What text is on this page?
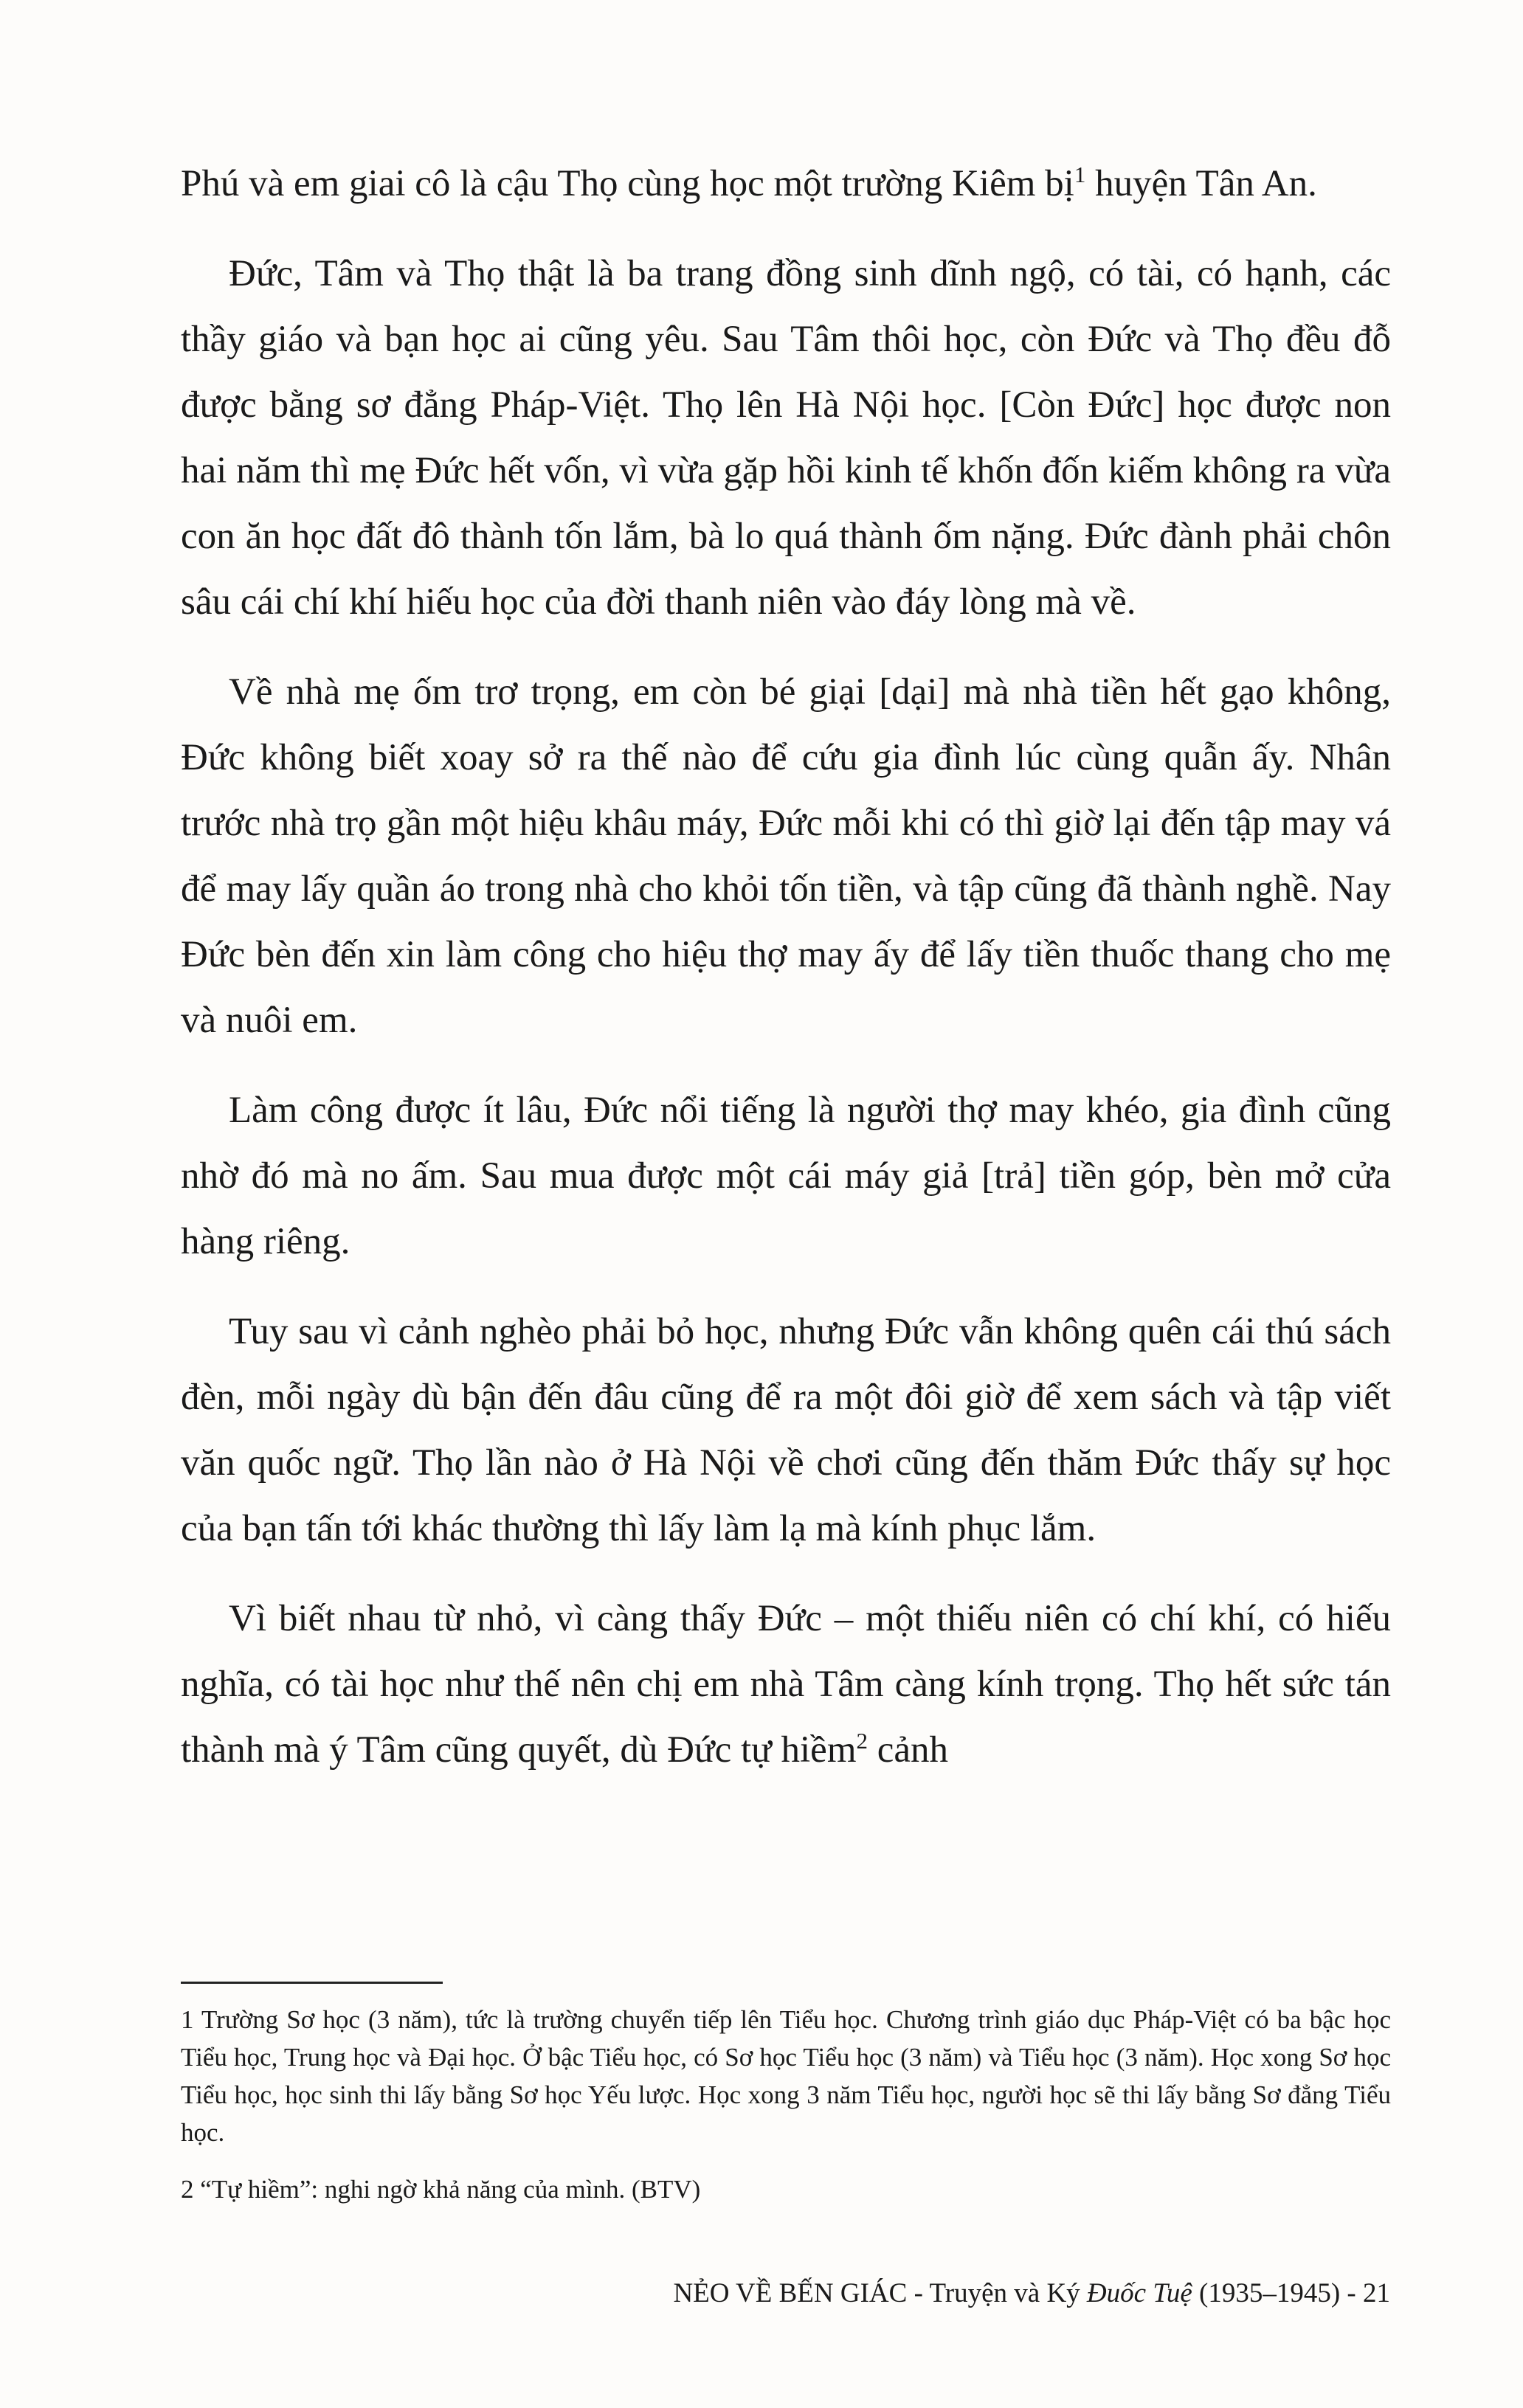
Phú và em giai cô là cậu Thọ cùng học một trường Kiêm bị$^1$ huyện Tân An.

Đức, Tâm và Thọ thật là ba trang đồng sinh dĩnh ngộ, có tài, có hạnh, các thầy giáo và bạn học ai cũng yêu. Sau Tâm thôi học, còn Đức và Thọ đều đỗ được bằng sơ đẳng Pháp-Việt. Thọ lên Hà Nội học. [Còn Đức] học được non hai năm thì mẹ Đức hết vốn, vì vừa gặp hồi kinh tế khốn đốn kiếm không ra vừa con ăn học đất đô thành tốn lắm, bà lo quá thành ốm nặng. Đức đành phải chôn sâu cái chí khí hiếu học của đời thanh niên vào đáy lòng mà về.

Về nhà mẹ ốm trơ trọng, em còn bé giại [dại] mà nhà tiền hết gạo không, Đức không biết xoay sở ra thế nào để cứu gia đình lúc cùng quẫn ấy. Nhân trước nhà trọ gần một hiệu khâu máy, Đức mỗi khi có thì giờ lại đến tập may vá để may lấy quần áo trong nhà cho khỏi tốn tiền, và tập cũng đã thành nghề. Nay Đức bèn đến xin làm công cho hiệu thợ may ấy để lấy tiền thuốc thang cho mẹ và nuôi em.

Làm công được ít lâu, Đức nổi tiếng là người thợ may khéo, gia đình cũng nhờ đó mà no ấm. Sau mua được một cái máy giả [trả] tiền góp, bèn mở cửa hàng riêng.

Tuy sau vì cảnh nghèo phải bỏ học, nhưng Đức vẫn không quên cái thú sách đèn, mỗi ngày dù bận đến đâu cũng để ra một đôi giờ để xem sách và tập viết văn quốc ngữ. Thọ lần nào ở Hà Nội về chơi cũng đến thăm Đức thấy sự học của bạn tấn tới khác thường thì lấy làm lạ mà kính phục lắm.

Vì biết nhau từ nhỏ, vì càng thấy Đức – một thiếu niên có chí khí, có hiếu nghĩa, có tài học như thế nên chị em nhà Tâm càng kính trọng. Thọ hết sức tán thành mà ý Tâm cũng quyết, dù Đức tự hiềm$^2$ cảnh

1 Trường Sơ học (3 năm), tức là trường chuyển tiếp lên Tiểu học. Chương trình giáo dục Pháp-Việt có ba bậc học Tiểu học, Trung học và Đại học. Ở bậc Tiểu học, có Sơ học Tiểu học (3 năm) và Tiểu học (3 năm). Học xong Sơ học Tiểu học, học sinh thi lấy bằng Sơ học Yếu lược. Học xong 3 năm Tiểu học, người học sẽ thi lấy bằng Sơ đẳng Tiểu học.

2 “Tự hiềm”: nghi ngờ khả năng của mình. (BTV)

NẺO VỀ BẾN GIÁC - Truyện và Ký Đuốc Tuệ (1935–1945) - 21
